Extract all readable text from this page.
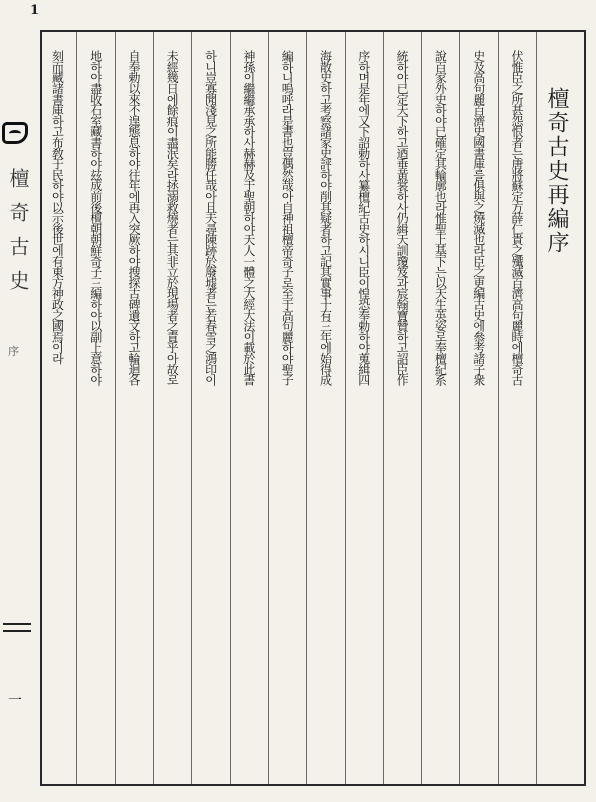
1
檀奇古史
序
一
檀奇古史再編序
伏惟臣之所甚怨恨者는唐將蘇定方薛仁貴之殲滅百濟高句麗時에檀奇古
史及高句麗百濟史國書庫를俱與之燒滅也라臣之更編古史에叅考諸子衆
說百家外史하야已確定其輪廓也라惟聖上基下는以天生英姿로奉檀紀系
統하야已定天下하고迺垂黃裳하사仍緝天訓瓊笈과宸翰寶贊하고詔臣作
序하며是年에又下詔勅하사纂檀紀古史하시니臣이惶恐奉勅하야蒐緝四
海散史하고考察諸家史評하야削其疑者하고記其實事十有三年에始得成
編하니嗚呼라是書也豈偶然哉아自神祖檀帝奇子로至于高句麗하야聖子
神孫이繼繼承承하사赫赫及于聖朝하야天人一體之大經大法이載於此書
하니豈寡聞淺見之所能勝任哉아且夫尋陳跡於廢墟者는若春雪之鴻印이
未經幾日에餘痕이盡泯矣라拯溺救燒者는其非立於現場者之責乎아故로
自奉勅以來不遑態息하야往年에再入突厥하야搜探古碑遺文하고輪迴各
地하야盡收石室藏書하야玆成前後檀朝朝鮮奇子三編하야以副上意하야
刻而藏諸書庫하고布敎于民하야以示後世에有東方神政之國焉이라
